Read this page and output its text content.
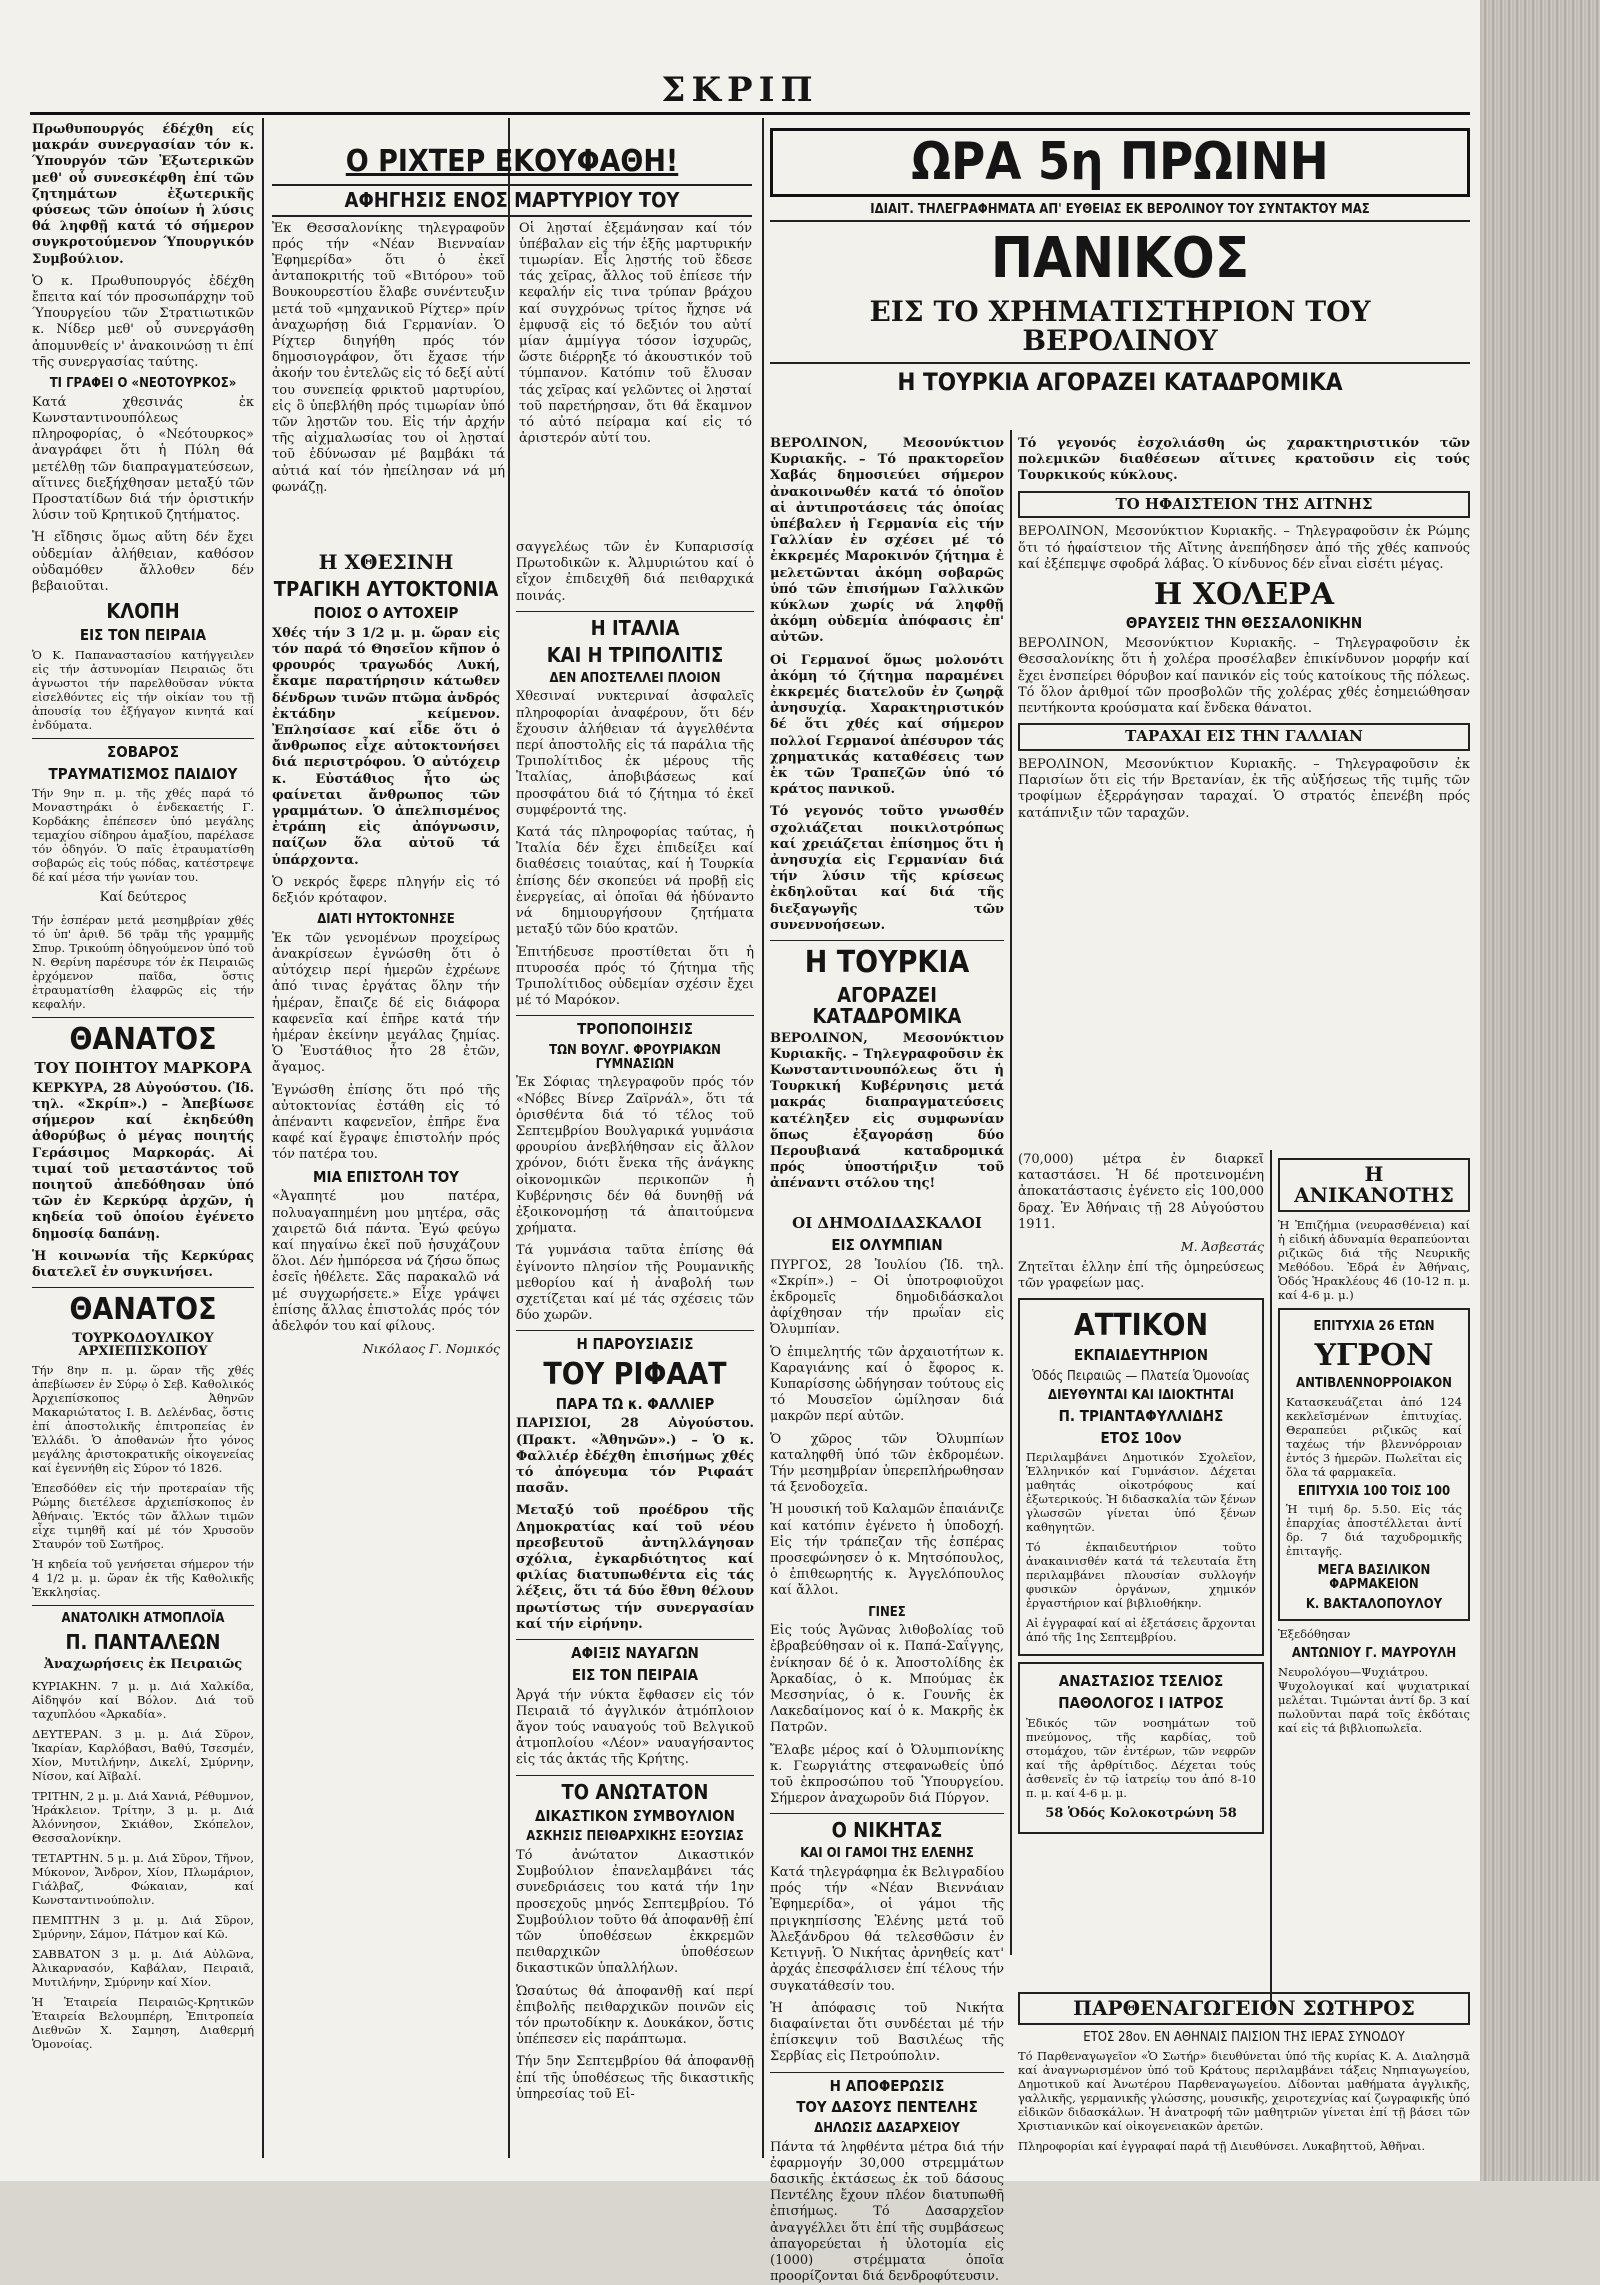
ΣΚΡΙΠ

Πρωθυπουργός έδέχθη είς μακράν συνεργασίαν τόν κ. Ύπουργόν τῶν Ἐξωτερικῶν μεθ' οὗ συνεσκέφθη ἐπί τῶν ζητημάτων ἐξωτερικῆς φύσεως τῶν ὁποίων ἡ λύσις θά ληφθῇ κατά τό σήμερον συγκροτούμενον Ύπουργικόν Συμβούλιον.

Ὁ κ. Πρωθυπουργός ἐδέχθη ἔπειτα καί τόν προσωπάρχην τοῦ Ύπουργείου τῶν Στρατιωτικῶν κ. Νίδερ μεθ' οὗ συνεργάσθη ἀπομυνθείς ν' ἀνακοινώσῃ τι ἐπί τῆς συνεργασίας ταύτης.

ΤΙ ΓΡΑΦΕΙ Ο «ΝΕΟΤΟΥΡΚΟΣ»

Κατά χθεσινάς ἐκ Κωνσταντινουπόλεως πληροφορίας, ὁ «Νεότουρκος» ἀναγράφει ὅτι ἡ Πύλη θά μετέλθῃ τῶν διαπραγματεύσεων, αἵτινες διεξήχθησαν μεταξύ τῶν Προστατίδων διά τήν ὁριστικήν λύσιν τοῦ Κρητικοῦ ζητήματος.

Ἡ εἴδησις ὅμως αὕτη δέν ἔχει οὐδεμίαν ἀλήθειαν, καθόσον οὐδαμόθεν ἄλλοθεν δέν βεβαιοῦται.

ΚΛΟΠΗ
ΕΙΣ ΤΟΝ ΠΕΙΡΑΙΑ

Ὁ Κ. Παπαναστασίου κατήγγειλεν εἰς τήν ἀστυνομίαν Πειραιῶς ὅτι ἀγνωστοι τήν παρελθοῦσαν νύκτα εἰσελθόντες εἰς τήν οἰκίαν του τῇ ἀπουσίᾳ του ἐξήγαγον κινητά καί ἐνδύματα.

ΣΟΒΑΡΟΣ
ΤΡΑΥΜΑΤΙΣΜΟΣ ΠΑΙΔΙΟΥ

Τήν 9ην π. μ. τῆς χθές παρά τό Μοναστηράκι ὁ ἑνδεκαετής Γ. Κορδάκης ἐπέπεσεν ὑπό μεγάλης τεμαχίου σίδηρου ἁμαξίου, παρέλασε τόν ὁδηγόν. Ὁ παῖς ἐτραυματίσθη σοβαρώς εἰς τούς πόδας, κατέστρεψε δέ καί μέσα τήν γωνίαν του.

Καί δεύτερος

Τήν ἑσπέραν μετά μεσημβρίαν χθές τό ὑπ' ἀριθ. 56 τρᾶμ τῆς γραμμῆς Σπυρ. Τρικούπη ὁδηγούμενον ὑπό τοῦ Ν. Θερίνη παρέσυρε τόν ἐκ Πειραιῶς ἐρχόμενον παῖδα, ὅστις ἐτραυματίσθη ἐλαφρῶς εἰς τήν κεφαλήν.

ΘΑΝΑΤΟΣ
ΤΟΥ ΠΟΙΗΤΟΥ ΜΑΡΚΟΡΑ

ΚΕΡΚΥΡΑ, 28 Αὐγούστου. (Ἰδ. τηλ. «Σκρίπ».) – Ἀπεβίωσε σήμερον καί ἐκηδεύθη ἀθορύβως ὁ μέγας ποιητής Γεράσιμος Μαρκοράς. Αἱ τιμαί τοῦ μεταστάντος τοῦ ποιητοῦ ἀπεδόθησαν ὑπό τῶν ἐν Κερκύρᾳ ἀρχῶν, ἡ κηδεία τοῦ ὁποίου ἐγένετο δημοσίᾳ δαπάνῃ.

Ἡ κοινωνία τῆς Κερκύρας διατελεῖ ἐν συγκινήσει.

ΘΑΝΑΤΟΣ
ΤΟΥΡΚΟΔΟΥΛΙΚΟΥ ΑΡΧΙΕΠΙΣΚΟΠΟΥ

Τήν 8ην π. μ. ὥραν τῆς χθές ἀπεβίωσεν ἐν Σύρῳ ὁ Σεβ. Καθολικός Ἀρχιεπίσκοπος Ἀθηνῶν Μακαριώτατος Ι. Β. Δελένδας, ὅστις ἐπί ἀποστολικῆς ἐπιτροπείας ἐν Ἑλλάδι. Ὁ ἀποθανών ἦτο γόνος μεγάλης ἀριστοκρατικῆς οἰκογενείας καί ἐγεννήθη εἰς Σύρον τό 1826.

Ἐπεσδόθεν εἰς τήν προτεραίαν τῆς Ρώμης διετέλεσε ἀρχιεπίσκοπος ἐν Ἀθήναις. Ἐκτός τῶν ἄλλων τιμῶν εἶχε τιμηθῆ καί μέ τόν Χρυσοῦν Σταυρόν τοῦ Σωτῆρος.

Ἡ κηδεία τοῦ γενήσεται σήμερον τήν 4 1/2 μ. μ. ὥραν ἐκ τῆς Καθολικῆς Ἐκκλησίας.

ΑΝΑΤΟΛΙΚΗ ΑΤΜΟΠΛΟΪΑ
Π. ΠΑΝΤΑΛΕΩΝ

Ἀναχωρήσεις ἐκ Πειραιῶς

ΚΥΡΙΑΚΗΝ. 7 μ. μ. Διά Χαλκίδα, Αἰδηψόν καί Βόλον. Διά τοῦ ταχυπλόου «Ἀρκαδία».

ΔΕΥΤΕΡΑΝ. 3 μ. μ. Διά Σῦρον, Ἰκαρίαν, Καρλόβασι, Βαθύ, Τσεσμέν, Χίον, Μυτιλήνην, Δικελί, Σμύρνην, Νίσον, καί Ἀϊβαλί.

ΤΡΙΤΗΝ, 2 μ. μ. Διά Χανιά, Ρέθυμνον, Ἡράκλειον. Τρίτην, 3 μ. μ. Διά Ἀλόννησον, Σκιάθον, Σκόπελον, Θεσσαλονίκην.

ΤΕΤΑΡΤΗΝ. 5 μ. μ. Διά Σῦρον, Τῆνον, Μύκονον, Ἄνδρον, Χίον, Πλωμάριον, Γιάλβαζ, Φώκαιαν, καί Κωνσταντινούπολιν.

ΠΕΜΠΤΗΝ 3 μ. μ. Διά Σῦρον, Σμύρνην, Σάμον, Πάτμον καί Κῶ.

ΣΑΒΒΑΤΟΝ 3 μ. μ. Διά Αὐλῶνα, Ἀλικαρνασόν, Καβάλαν, Πειραιᾶ, Μυτιλήνην, Σμύρνην καί Χίον.

Ἡ Ἐταιρεία Πειραιῶς-Κρητικῶν Ἐταιρεία Βελουμπέρη, Ἐπιτροπεία Διεθνῶν Χ. Σαμηση, Διαθερμή Ὁμονοίας.

Ο ΡΙΧΤΕΡ ΕΚΟΥΦΑΘΗ!
ΑΦΗΓΗΣΙΣ ΕΝΟΣ ΜΑΡΤΥΡΙΟΥ ΤΟΥ

Ἐκ Θεσσαλονίκης τηλεγραφοῦν πρός τήν «Νέαν Βιενναίαν Ἐφημερίδα» ὅτι ὁ ἐκεῖ ἀνταποκριτής τοῦ «Βιτόρου» τοῦ Βουκουρεστίου ἔλαβε συνέντευξιν μετά τοῦ «μηχανικοῦ Ρίχτερ» πρίν ἀναχωρήσῃ διά Γερμανίαν. Ὁ Ρίχτερ διηγήθη πρός τόν δημοσιογράφον, ὅτι ἔχασε τήν ἀκοήν του ἐντελῶς εἰς τό δεξί αὐτί του συνεπείᾳ φρικτοῦ μαρτυρίου, εἰς ὃ ὑπεβλήθη πρός τιμωρίαν ὑπό τῶν λῃστῶν του. Εἰς τήν ἀρχήν τῆς αἰχμαλωσίας του οἱ λῃσταί τοῦ ἐδύνωσαν μέ βαμβάκι τά αὐτιά καί τόν ἠπείλησαν νά μή φωνάζῃ.

Οἱ λῃσταί ἐξεμάνησαν καί τόν ὑπέβαλαν εἰς τήν ἑξῆς μαρτυρικήν τιμωρίαν. Εἷς λῃστής τοῦ ἔδεσε τάς χεῖρας, ἄλλος τοῦ ἐπίεσε τήν κεφαλήν εἰς τινα τρύπαν βράχου καί συγχρόνως τρίτος ἤχησε νά ἐμφυσᾷ εἰς τό δεξιόν του αὐτί μίαν ἀμμίγγα τόσον ἰσχυρῶς, ὥστε διέρρηξε τό ἀκουστικόν τοῦ τύμπανον. Κατόπιν τοῦ ἔλυσαν τάς χεῖρας καί γελῶντες οἱ λῃσταί τοῦ παρετήρησαν, ὅτι θά ἔκαμνον τό αὐτό πείραμα καί εἰς τό ἀριστερόν αὐτί του.

Η ΧΘΕΣΙΝΗ
ΤΡΑΓΙΚΗ ΑΥΤΟΚΤΟΝΙΑ
ΠΟΙΟΣ Ο ΑΥΤΟΧΕΙΡ

Χθές τήν 3 1/2 μ. μ. ὥραν εἰς τόν παρά τό Θησεῖον κῆπον ὁ φρουρός τραγωδός Λυκή, ἔκαμε παρατήρησιν κάτωθεν δένδρων τινῶν πτῶμα ἀνδρός ἐκτάδην κείμενον. Ἐπλησίασε καί εἶδε ὅτι ὁ ἄνθρωπος εἶχε αὐτοκτονήσει διά περιστρόφου. Ὁ αὐτόχειρ κ. Εὐστάθιος ἦτο ὡς φαίνεται ἄνθρωπος τῶν γραμμάτων. Ὁ ἀπελπισμένος ἐτράπη εἰς ἀπόγνωσιν, παίζων ὅλα αὐτοῦ τά ὑπάρχοντα.

Ὁ νεκρός ἔφερε πληγήν εἰς τό δεξιόν κρόταφον.

ΔΙΑΤΙ ΗΥΤΟΚΤΟΝΗΣΕ

Ἐκ τῶν γενομένων προχείρως ἀνακρίσεων ἐγνώσθη ὅτι ὁ αὐτόχειρ περί ἡμερῶν ἐχρέωνε ἀπό τινας ἐργάτας ὅλην τήν ἡμέραν, ἔπαιζε δέ εἰς διάφορα καφενεῖα καί ἐπῆρε κατά τήν ἡμέραν ἐκείνην μεγάλας ζημίας. Ὁ Ἐυστάθιος ἦτο 28 ἐτῶν, ἄγαμος.

Ἐγνώσθη ἐπίσης ὅτι πρό τῆς αὐτοκτονίας ἐστάθη εἰς τό ἀπέναντι καφενεῖον, ἐπῆρε ἕνα καφέ καί ἔγραψε ἐπιστολήν πρός τόν πατέρα του.

ΜΙΑ ΕΠΙΣΤΟΛΗ ΤΟΥ

«Ἀγαπητέ μου πατέρα, πολυαγαπημένη μου μητέρα, σᾶς χαιρετῶ διά πάντα. Ἐγώ φεύγω καί πηγαίνω ἐκεῖ ποῦ ἡσυχάζουν ὅλοι. Δέν ἠμπόρεσα νά ζήσω ὅπως ἐσεῖς ἠθέλετε. Σᾶς παρακαλῶ νά μέ συγχωρήσετε.» Εἶχε γράψει ἐπίσης ἄλλας ἐπιστολάς πρός τόν ἀδελφόν του καί φίλους.

Νικόλαος Γ. Νομικός

σαγγελέως τῶν ἐν Κυπαρισσίᾳ Πρωτοδικῶν κ. Ἁλμυριώτου καί ὁ εἴχον ἐπιδειχθῆ διά πειθαρχικά ποινάς.

Η ΙΤΑΛΙΑ
ΚΑΙ Η ΤΡΙΠΟΛΙΤΙΣ
ΔΕΝ ΑΠΟΣΤΕΛΛΕΙ ΠΛΟΙΟΝ

Χθεσιναί νυκτεριναί ἀσφαλεῖς πληροφορίαι ἀναφέρουν, ὅτι δέν ἔχουσιν ἀλήθειαν τά ἀγγελθέντα περί ἀποστολῆς εἰς τά παράλια τῆς Τριπολίτιδος ἐκ μέρους τῆς Ἰταλίας, ἀποβιβάσεως καί προσφάτου διά τό ζήτημα τό ἐκεῖ συμφέροντά της.

Κατά τάς πληροφορίας ταύτας, ἡ Ἰταλία δέν ἔχει ἐπιδείξει καί διαθέσεις τοιαύτας, καί ἡ Τουρκία ἐπίσης δέν σκοπεύει νά προβῇ εἰς ἐνεργείας, αἱ ὁποῖαι θά ἠδύναντο νά δημιουργήσουν ζητήματα μεταξύ τῶν δύο κρατῶν.

Ἐπιτήδευσε προστίθεται ὅτι ἡ πτυροσέα πρός τό ζήτημα τῆς Τριπολίτιδος οὐδεμίαν σχέσιν ἔχει μέ τό Μαρόκον.

ΤΡΟΠΟΠΟΙΗΣΙΣ
ΤΩΝ ΒΟΥΛΓ. ΦΡΟΥΡΙΑΚΩΝ ΓΥΜΝΑΣΙΩΝ

Ἐκ Σόφιας τηλεγραφοῦν πρός τόν «Νόβες Βίνερ Ζαϊρνάλ», ὅτι τά ὁρισθέντα διά τό τέλος τοῦ Σεπτεμβρίου Βουλγαρικά γυμνάσια φρουρίου ἀνεβλήθησαν εἰς ἄλλον χρόνον, διότι ἔνεκα τῆς ἀνάγκης οἰκονομικῶν περικοπῶν ἡ Κυβέρνησις δέν θά δυνηθῇ νά ἐξοικονομήσῃ τά ἀπαιτούμενα χρήματα.

Τά γυμνάσια ταῦτα ἐπίσης θά ἐγίνοντο πλησίον τῆς Ρουμανικῆς μεθορίου καί ἡ ἀναβολή των σχετίζεται καί μέ τάς σχέσεις τῶν δύο χωρῶν.

Η ΠΑΡΟΥΣΙΑΣΙΣ
ΤΟΥ ΡΙΦΑΑΤ
ΠΑΡΑ ΤΩ κ. ΦΑΛΛΙΕΡ

ΠΑΡΙΣΙΟΙ, 28 Αὐγούστου. (Πρακτ. «Ἀθηνῶν».) – Ὁ κ. Φαλλιέρ ἐδέχθη ἐπισήμως χθές τό ἀπόγευμα τόν Ριφαάτ πασᾶν.

Μεταξύ τοῦ προέδρου τῆς Δημοκρατίας καί τοῦ νέου πρεσβευτοῦ ἀντηλλάγησαν σχόλια, ἐγκαρδιότητος καί φιλίας διατυπωθέντα εἰς τάς λέξεις, ὅτι τά δύο ἔθνη θέλουν πρωτίστως τήν συνεργασίαν καί τήν εἰρήνην.

ΑΦΙΞΙΣ ΝΑΥΑΓΩΝ
ΕΙΣ ΤΟΝ ΠΕΙΡΑΙΑ

Ἀργά τήν νύκτα ἔφθασεν εἰς τόν Πειραιᾶ τό ἀγγλικόν ἀτμόπλοιον ἄγον τούς ναυαγούς τοῦ Βελγικοῦ ἀτμοπλοίου «Λέον» ναυαγήσαντος εἰς τάς ἀκτάς τῆς Κρήτης.

ΤΟ ΑΝΩΤΑΤΟΝ
ΔΙΚΑΣΤΙΚΟΝ ΣΥΜΒΟΥΛΙΟΝ
ΑΣΚΗΣΙΣ ΠΕΙΘΑΡΧΙΚΗΣ ΕΞΟΥΣΙΑΣ

Τό ἀνώτατον Δικαστικόν Συμβούλιον ἐπανελαμβάνει τάς συνεδριάσεις του κατά τήν 1ην προσεχοῦς μηνός Σεπτεμβρίου. Τό Συμβούλιον τοῦτο θά ἀποφανθῇ ἐπί τῶν ὑποθέσεων ἐκκρεμῶν πειθαρχικῶν ὑποθέσεων δικαστικῶν ὑπαλλήλων.

Ὡσαύτως θά ἀποφανθῇ καί περί ἐπιβολῆς πειθαρχικῶν ποινῶν εἰς τόν πρωτοδίκην κ. Δουκάκον, ὅστις ὑπέπεσεν εἰς παράπτωμα.

Τήν 5ην Σεπτεμβρίου θά ἀποφανθῇ ἐπί τῆς ὑποθέσεως τῆς δικαστικῆς ὑπηρεσίας τοῦ Εἰ-

ΩΡΑ 5η ΠΡΩΙΝΗ
ΙΔΙΑΙΤ. ΤΗΛΕΓΡΑΦΗΜΑΤΑ ΑΠ' ΕΥΘΕΙΑΣ ΕΚ ΒΕΡΟΛΙΝΟΥ ΤΟΥ ΣΥΝΤΑΚΤΟΥ ΜΑΣ
ΠΑΝΙΚΟΣ
ΕΙΣ ΤΟ ΧΡΗΜΑΤΙΣΤΗΡΙΟΝ ΤΟΥ ΒΕΡΟΛΙΝΟΥ
Η ΤΟΥΡΚΙΑ ΑΓΟΡΑΖΕΙ ΚΑΤΑΔΡΟΜΙΚΑ

ΒΕΡΟΛΙΝΟΝ, Μεσονύκτιον Κυριακῆς. – Τό πρακτορεῖον Χαβάς δημοσιεύει σήμερον ἀνακοινωθέν κατά τό ὁποῖον αἱ ἀντιπροτάσεις τάς ὁποίας ὑπέβαλεν ἡ Γερμανία εἰς τήν Γαλλίαν ἐν σχέσει μέ τό ἐκκρεμές Μαροκινόν ζήτημα ἐ μελετῶνται ἀκόμη σοβαρῶς ὑπό τῶν ἐπισήμων Γαλλικῶν κύκλων χωρίς νά ληφθῇ ἀκόμη οὐδεμία ἀπόφασις ἐπ' αὐτῶν.

Οἱ Γερμανοί ὅμως μολονότι ἀκόμη τό ζήτημα παραμένει ἐκκρεμές διατελοῦν ἐν ζωηρᾷ ἀνησυχίᾳ. Χαρακτηριστικόν δέ ὅτι χθές καί σήμερον πολλοί Γερμανοί ἀπέσυρον τάς χρηματικάς καταθέσεις των ἐκ τῶν Τραπεζῶν ὑπό τό κράτος πανικοῦ.

Τό γεγονός τοῦτο γνωσθέν σχολιάζεται ποικιλοτρόπως καί χρειάζεται ἐπίσημος ὅτι ἡ ἀνησυχία εἰς Γερμανίαν διά τήν λύσιν τῆς κρίσεως ἐκδηλοῦται καί διά τῆς διεξαγωγῆς τῶν συνεννοήσεων.

Η ΤΟΥΡΚΙΑ
ΑΓΟΡΑΖΕΙ ΚΑΤΑΔΡΟΜΙΚΑ

ΒΕΡΟΛΙΝΟΝ, Μεσονύκτιον Κυριακῆς. – Τηλεγραφοῦσιν ἐκ Κωνσταντινουπόλεως ὅτι ἡ Τουρκική Κυβέρνησις μετά μακράς διαπραγματεύσεις κατέληξεν εἰς συμφωνίαν ὅπως ἐξαγοράσῃ δύο Περουβιανά καταδρομικά πρός ὑποστήριξιν τοῦ ἀπέναντι στόλου της!

Τό γεγονός ἐσχολιάσθη ὡς χαρακτηριστικόν τῶν πολεμικῶν διαθέσεων αἵτινες κρατοῦσιν εἰς τούς Τουρκικούς κύκλους.

ΤΟ ΗΦΑΙΣΤΕΙΟΝ ΤΗΣ ΑΙΤΝΗΣ

ΒΕΡΟΛΙΝΟΝ, Μεσονύκτιον Κυριακῆς. – Τηλεγραφοῦσιν ἐκ Ρώμης ὅτι τό ἡφαίστειον τῆς Αἴτνης ἀνεπήδησεν ἀπό τῆς χθές καπνούς καί ἐξέπεμψε σφοδρά λάβας. Ὁ κίνδυνος δέν εἶναι εἰσέτι μέγας.

Η ΧΟΛΕΡΑ
ΘΡΑΥΣΕΙΣ ΤΗΝ ΘΕΣΣΑΛΟΝΙΚΗΝ

ΒΕΡΟΛΙΝΟΝ, Μεσονύκτιον Κυριακῆς. – Τηλεγραφοῦσιν ἐκ Θεσσαλονίκης ὅτι ἡ χολέρα προσέλαβεν ἐπικίνδυνον μορφήν καί ἔχει ἐνσπείρει θόρυβον καί πανικόν εἰς τούς κατοίκους τῆς πόλεως. Τό ὅλον ἀριθμοί τῶν προσβολῶν τῆς χολέρας χθές ἐσημειώθησαν πεντήκοντα κρούσματα καί ἔνδεκα θάνατοι.

ΤΑΡΑΧΑΙ ΕΙΣ ΤΗΝ ΓΑΛΛΙΑΝ

ΒΕΡΟΛΙΝΟΝ, Μεσονύκτιον Κυριακῆς. – Τηλεγραφοῦσιν ἐκ Παρισίων ὅτι εἰς τήν Βρετανίαν, ἐκ τῆς αὐξήσεως τῆς τιμῆς τῶν τροφίμων ἐξερράγησαν ταραχαί. Ὁ στρατός ἐπενέβη πρός κατάπνιξιν τῶν ταραχῶν.

ΟΙ ΔΗΜΟΔΙΔΑΣΚΑΛΟΙ
ΕΙΣ ΟΛΥΜΠΙΑΝ

ΠΥΡΓΟΣ, 28 Ἰουλίου (Ἰδ. τηλ. «Σκρίπ».) – Οἱ ὑποτροφιοῦχοι ἐκδρομεῖς δημοδιδάσκαλοι ἀφίχθησαν τήν πρωΐαν εἰς Ὀλυμπίαν.

Ὁ ἐπιμελητής τῶν ἀρχαιοτήτων κ. Καραγιάνης καί ὁ ἔφορος κ. Κυπαρίσσης ὡδήγησαν τούτους εἰς τό Μουσεῖον ὡμίλησαν διά μακρῶν περί αὐτῶν.

Ὁ χῶρος τῶν Ὀλυμπίων καταληφθῆ ὑπό τῶν ἐκδρομέων. Τήν μεσημβρίαν ὑπερεπλήρωθησαν τά ξενοδοχεῖα.

Ἡ μουσική τοῦ Καλαμῶν ἐπαιάνιζε καί κατόπιν ἐγένετο ἡ ὑποδοχή. Εἰς τήν τράπεζαν τῆς ἑσπέρας προσεφώνησεν ὁ κ. Μητσόπουλος, ὁ ἐπιθεωρητής κ. Ἀγγελόπουλος καί ἄλλοι.

ΓΙΝΕΣ

Εἰς τούς Ἀγῶνας λιθοβολίας τοῦ ἐβραβεύθησαν οἱ κ. Παπά-Σαΐγγης, ἐνίκησαν δέ ὁ κ. Ἀποστολίδης ἐκ Ἀρκαδίας, ὁ κ. Μπούμας ἐκ Μεσσηνίας, ὁ κ. Γουνῆς ἐκ Λακεδαίμονος καί ὁ κ. Μακρῆς ἐκ Πατρῶν.

Ἔλαβε μέρος καί ὁ Ὀλυμπιονίκης κ. Γεωργιάτης στεφανωθείς ὑπό τοῦ ἐκπροσώπου τοῦ Ὑπουργείου. Σήμερον ἀναχωροῦν διά Πύργον.

Ο ΝΙΚΗΤΑΣ
ΚΑΙ ΟΙ ΓΑΜΟΙ ΤΗΣ ΕΛΕΝΗΣ

Κατά τηλεγράφημα ἐκ Βελιγραδίου πρός τήν «Νέαν Βιεννάιαν Ἐφημερίδα», οἱ γάμοι τῆς πριγκηπίσσης Ἑλένης μετά τοῦ Ἀλεξάνδρου θά τελεσθῶσιν ἐν Κετιγνῇ. Ὁ Νικήτας ἀρνηθείς κατ' ἀρχάς ἐπεσφάλισεν ἐπί τέλους τήν συγκατάθεσίν του.

Ἡ ἀπόφασις τοῦ Νικήτα διαφαίνεται ὅτι συνδέεται μέ τήν ἐπίσκεψιν τοῦ Βασιλέως τῆς Σερβίας εἰς Πετρούπολιν.

Η ΑΠΟΦΕΡΩΣΙΣ
ΤΟΥ ΔΑΣΟΥΣ ΠΕΝΤΕΛΗΣ
ΔΗΛΩΣΙΣ ΔΑΣΑΡΧΕΙΟΥ

Πάντα τά ληφθέντα μέτρα διά τήν ἐφαρμογήν 30,000 στρεμμάτων δασικῆς ἐκτάσεως ἐκ τοῦ δάσους Πεντέλης ἔχουν πλέον διατυπωθῆ ἐπισήμως. Τό Δασαρχεῖον ἀναγγέλλει ὅτι ἐπί τῆς συμβάσεως ἀπαγορεύεται ἡ ὑλοτομία εἰς (1000) στρέμματα ὁποῖα προορίζονται διά δενδροφύτευσιν.

(70,000) μέτρα ἐν διαρκεῖ καταστάσει. Ἡ δέ προτεινομένη ἀποκατάστασις ἐγένετο εἰς 100,000 δραχ. Ἐν Ἀθήναις τῇ 28 Αὐγούστου 1911.

Μ. Ἀσβεστάς

Ζητεῖται ἑλλην ἐπί τῆς ὁμηρεύσεως τῶν γραφείων μας.

ΑΤΤΙΚΟΝ
ΕΚΠΑΙΔΕΥΤΗΡΙΟΝ
Ὁδός Πειραιῶς — Πλατεία Ὁμονοίας
ΔΙΕΥΘΥΝΤΑΙ ΚΑΙ ΙΔΙΟΚΤΗΤΑΙ
Π. ΤΡΙΑΝΤΑΦΥΛΛΙΔΗΣ
ΕΤΟΣ 10ον

Περιλαμβάνει Δημοτικόν Σχολεῖον, Ἑλληνικόν καί Γυμνάσιον. Δέχεται μαθητάς οἰκοτρόφους καί ἐξωτερικούς. Ἡ διδασκαλία τῶν ξένων γλωσσῶν γίνεται ὑπό ξένων καθηγητῶν.

Τό ἐκπαιδευτήριον τοῦτο ἀνακαινισθέν κατά τά τελευταία ἔτη περιλαμβάνει πλουσίαν συλλογήν φυσικῶν ὀργάνων, χημικόν ἐργαστήριον καί βιβλιοθήκην.

Αἱ ἐγγραφαί καί αἱ ἐξετάσεις ἄρχονται ἀπό τῆς 1ης Σεπτεμβρίου.

ΑΝΑΣΤΑΣΙΟΣ ΤΣΕΛΙΟΣ
ΠΑΘΟΛΟΓΟΣ Ι ΙΑΤΡΟΣ

Ἐδικός τῶν νοσημάτων τοῦ πνεύμονος, τῆς καρδίας, τοῦ στομάχου, τῶν ἐντέρων, τῶν νεφρῶν καί τῆς ἀρθρίτιδος. Δέχεται τούς ἀσθενεῖς ἐν τῷ ἰατρείῳ του ἀπό 8-10 π. μ. καί 4-6 μ. μ.

58 Ὁδός Κολοκοτρώνη 58

Η ΑΝΙΚΑΝΟΤΗΣ

Ἡ Ἐπιζήμια (νευρασθένεια) καί ἡ εἰδική ἀδυναμία θεραπεύονται ριζικῶς διά τῆς Νευρικῆς Μεθόδου. Ἐδρά ἐν Ἀθήναις, Ὁδός Ἡρακλέους 46 (10-12 π. μ. καί 4-6 μ. μ.)

ΕΠΙΤΥΧΙΑ 26 ΕΤΩΝ
ΥΓΡΟΝ
ΑΝΤΙΒΛΕΝΝΟΡΡΟΙΑΚΟΝ

Κατασκευάζεται ἀπό 124 κεκλεῖσμένων ἐπιτυχίας. Θεραπεύει ριζικῶς καί ταχέως τήν βλεννόρροιαν ἐντός 3 ἡμερῶν. Πωλεῖται εἰς ὅλα τά φαρμακεῖα.

ΕΠΙΤΥΧΙΑ 100 ΤΟΙΣ 100

Ἡ τιμή δρ. 5.50. Εἰς τάς ἐπαρχίας ἀποστέλλεται ἀντί δρ. 7 διά ταχυδρομικῆς ἐπιταγῆς.

ΜΕΓΑ ΒΑΣΙΛΙΚΟΝ ΦΑΡΜΑΚΕΙΟΝ
Κ. ΒΑΚΤΑΛΟΠΟΥΛΟΥ

Ἐξεδόθησαν

ΑΝΤΩΝΙΟΥ Γ. ΜΑΥΡΟΥΛΗ

Νευρολόγου—Ψυχιάτρου. Ψυχολογικαί καί ψυχιατρικαί μελέται. Τιμώνται ἀντί δρ. 3 καί πωλοῦνται παρά τοῖς ἐκδόταις καί εἰς τά βιβλιοπωλεῖα.

ΠΑΡΘΕΝΑΓΩΓΕΙΟΝ ΣΩΤΗΡΟΣ
ΕΤΟΣ 28ον. ΕΝ ΑΘΗΝΑΙΣ ΠΑΙΣΙΟΝ ΤΗΣ ΙΕΡΑΣ ΣΥΝΟΔΟΥ

Τό Παρθεναγωγεῖον «Ὁ Σωτήρ» διευθύνεται ὑπό τῆς κυρίας Κ. Α. Διαλησμᾶ καί ἀναγνωρισμένον ὑπό τοῦ Κράτους περιλαμβάνει τάξεις Νηπιαγωγείου, Δημοτικοῦ καί Ἀνωτέρου Παρθεναγωγείου. Δίδονται μαθήματα ἀγγλικῆς, γαλλικῆς, γερμανικῆς γλώσσης, μουσικῆς, χειροτεχνίας καί ζωγραφικῆς ὑπό εἰδικῶν διδασκάλων. Ἡ ἀνατροφή τῶν μαθητριῶν γίνεται ἐπί τῇ βάσει τῶν Χριστιανικῶν καί οἰκογενειακῶν ἀρετῶν.

Πληροφορίαι καί ἐγγραφαί παρά τῇ Διευθύνσει. Λυκαβηττοῦ, Ἀθῆναι.
